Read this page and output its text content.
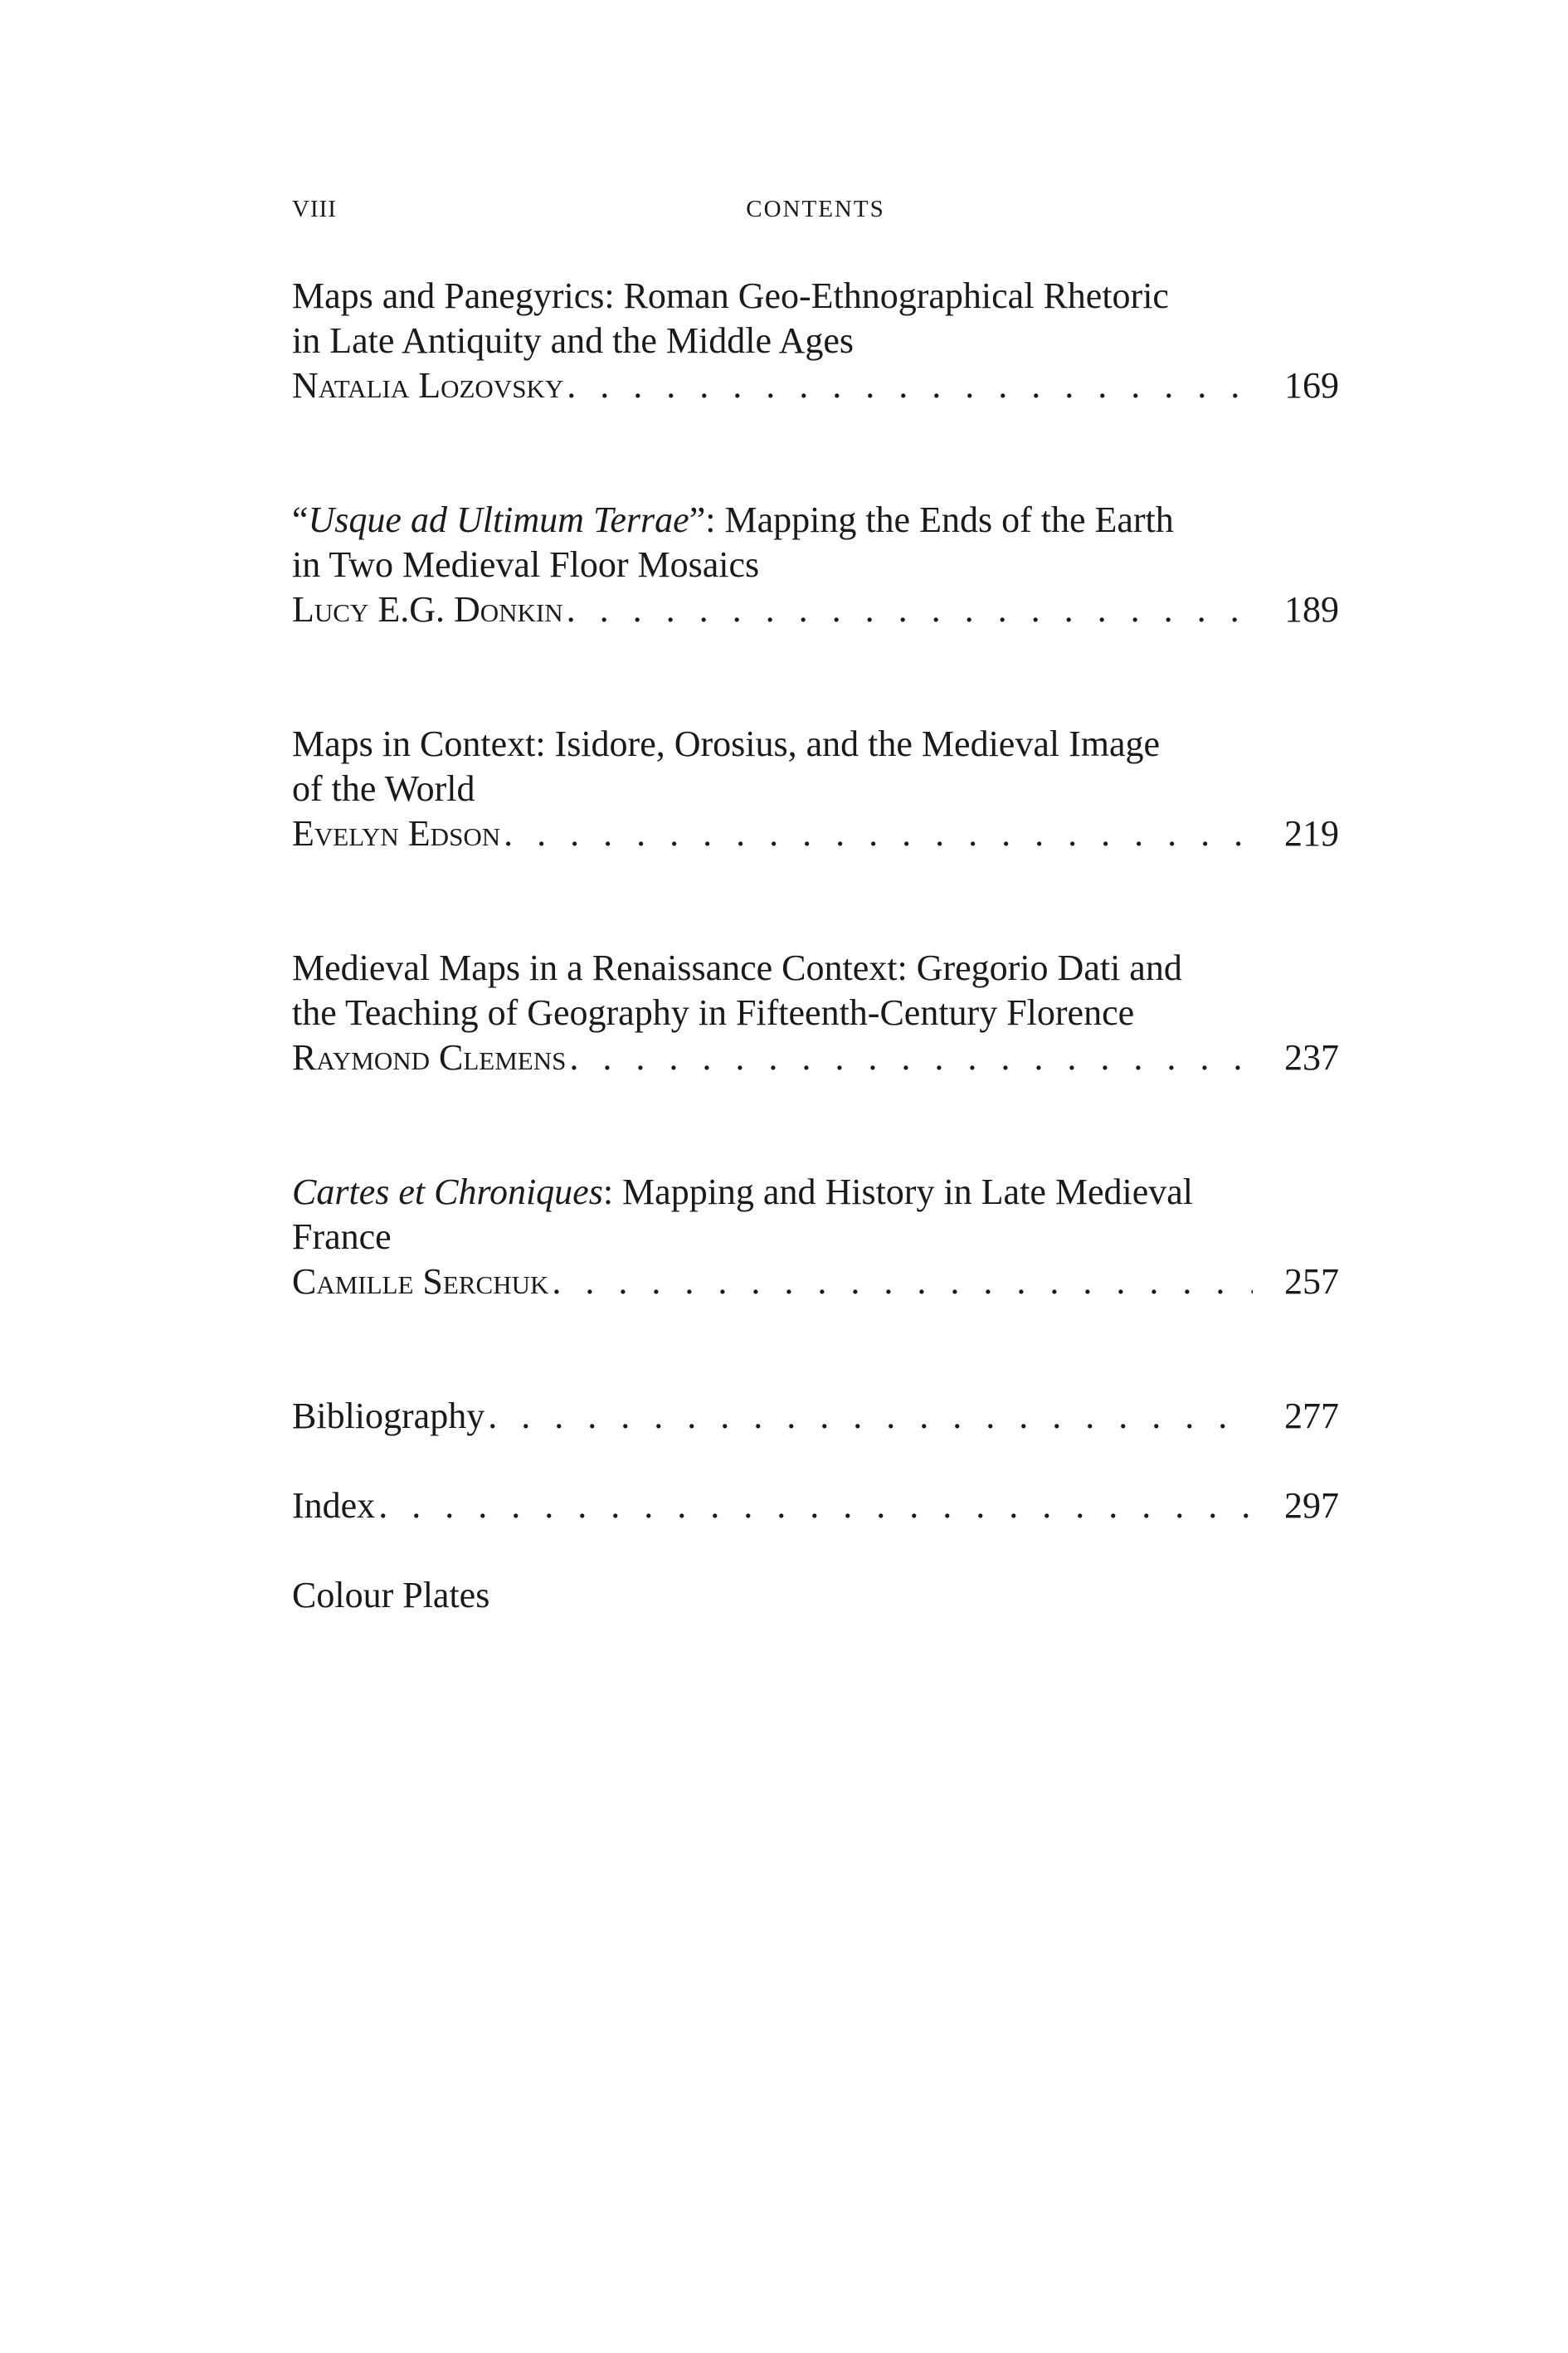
VIII	CONTENTS
Maps and Panegyrics: Roman Geo-Ethnographical Rhetoric
in Late Antiquity and the Middle Ages
Natalia Lozovsky . . .	169
“Usque ad Ultimum Terrae”: Mapping the Ends of the Earth
in Two Medieval Floor Mosaics
Lucy E.G. Donkin . . .	189
Maps in Context: Isidore, Orosius, and the Medieval Image
of the World
Evelyn Edson . . .	219
Medieval Maps in a Renaissance Context: Gregorio Dati and
the Teaching of Geography in Fifteenth-Century Florence
Raymond Clemens . . .	237
Cartes et Chroniques: Mapping and History in Late Medieval
France
Camille Serchuk . . .	257
Bibliography . . .	277
Index . . .	297
Colour Plates
